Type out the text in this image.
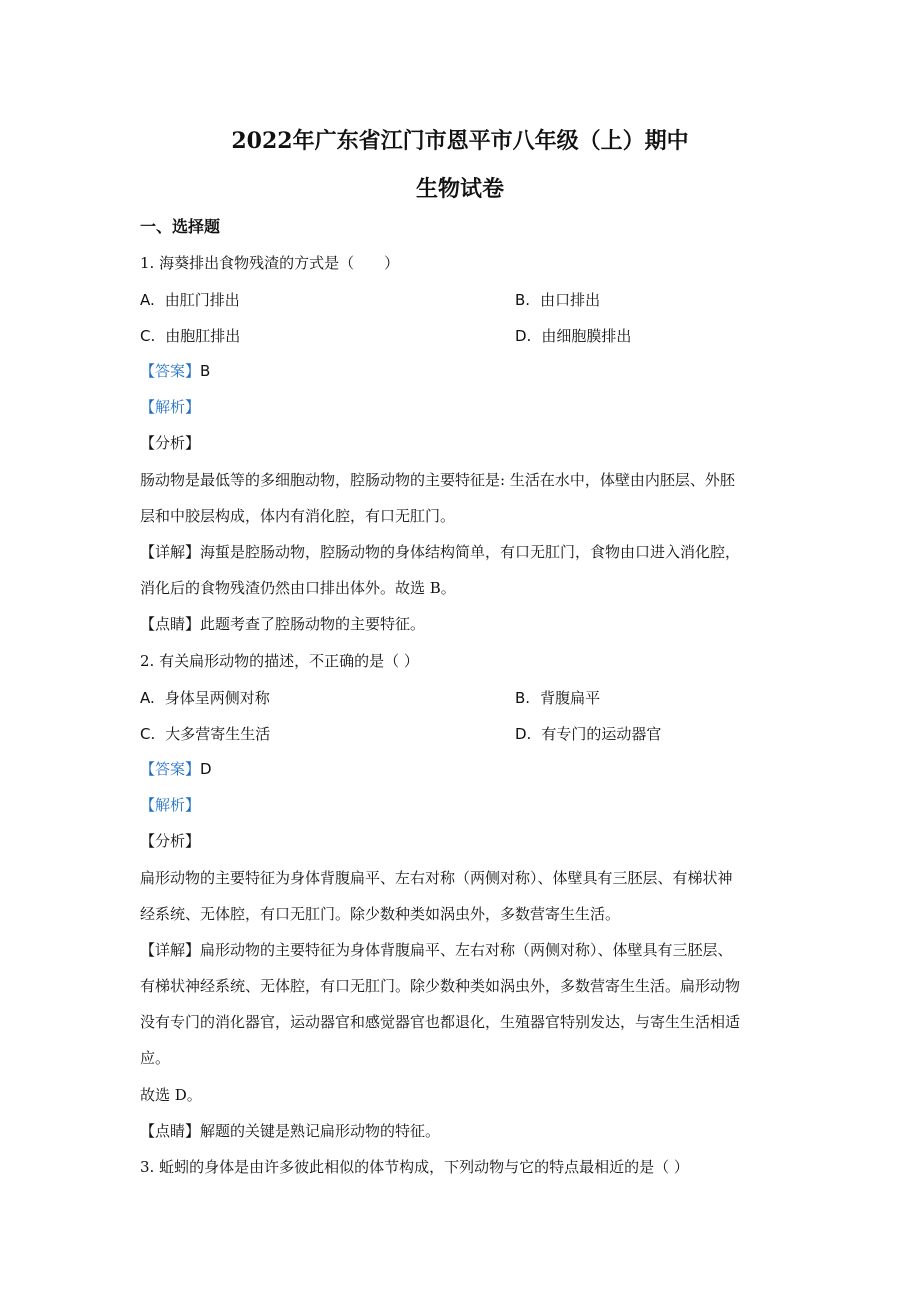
2022年广东省江门市恩平市八年级（上）期中
生物试卷
一、选择题
1. 海葵排出食物残渣的方式是（　　）
A. 由肛门排出	B. 由口排出
C. 由胞肛排出	D. 由细胞膜排出
【答案】B
【解析】
【分析】
肠动物是最低等的多细胞动物，腔肠动物的主要特征是: 生活在水中，体壁由内胚层、外胚
层和中胶层构成，体内有消化腔，有口无肛门。
【详解】海蜇是腔肠动物，腔肠动物的身体结构简单，有口无肛门，食物由口进入消化腔，
消化后的食物残渣仍然由口排出体外。故选 B。
【点睛】此题考查了腔肠动物的主要特征。
2. 有关扁形动物的描述，不正确的是（ ）
A. 身体呈两侧对称	B. 背腹扁平
C. 大多营寄生生活	D. 有专门的运动器官
【答案】D
【解析】
【分析】
扁形动物的主要特征为身体背腹扁平、左右对称（两侧对称）、体壁具有三胚层、有梯状神
经系统、无体腔，有口无肛门。除少数种类如涡虫外，多数营寄生生活。
【详解】扁形动物的主要特征为身体背腹扁平、左右对称（两侧对称）、体壁具有三胚层、
有梯状神经系统、无体腔，有口无肛门。除少数种类如涡虫外，多数营寄生生活。扁形动物
没有专门的消化器官，运动器官和感觉器官也都退化，生殖器官特别发达，与寄生生活相适
应。
故选 D。
【点睛】解题的关键是熟记扁形动物的特征。
3. 蚯蚓的身体是由许多彼此相似的体节构成，下列动物与它的特点最相近的是（ ）
